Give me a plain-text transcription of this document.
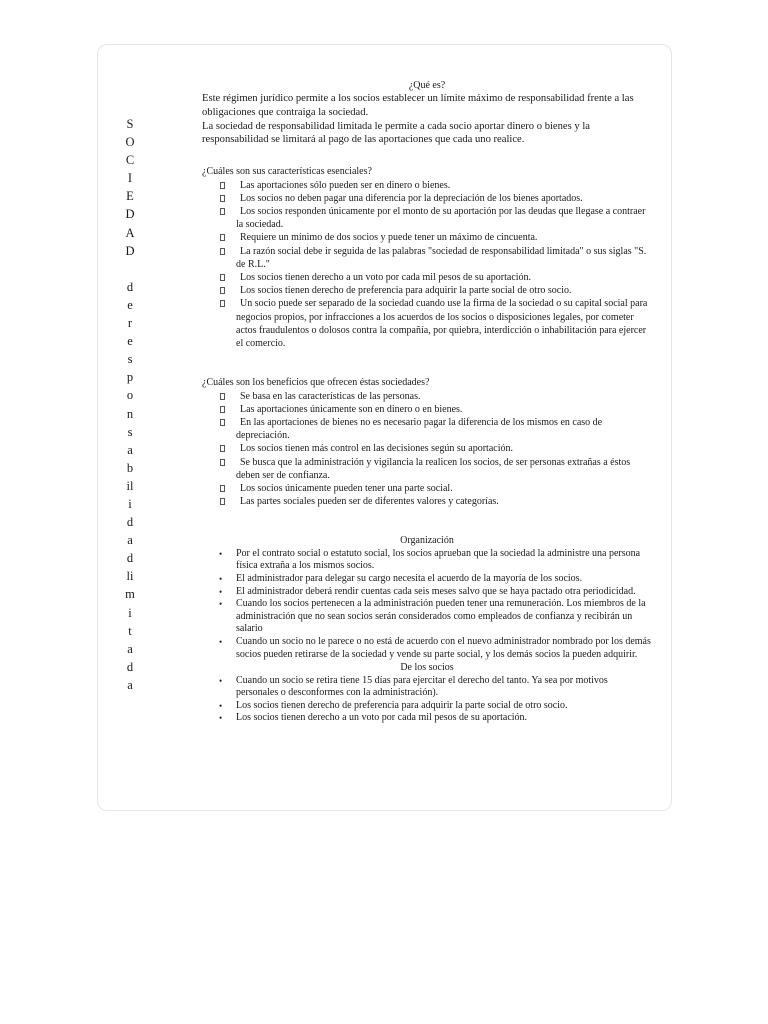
S
O
C
I
E
D
A
D
d
e
r
e
s
p
o
n
s
a
b
il
i
d
a
d
li
m
i
t
a
d
a
¿Qué es?

Este régimen jurídico permite a los socios establecer un límite máximo de responsabilidad frente a las obligaciones que contraiga la sociedad.

La sociedad de responsabilidad limitada le permite a cada socio aportar dinero o bienes y la responsabilidad se limitará al pago de las aportaciones que cada uno realice.

¿Cuáles son sus características esenciales?

Las aportaciones sólo pueden ser en dinero o bienes.
Los socios no deben pagar una diferencia por la depreciación de los bienes aportados.
Los socios responden únicamente por el monto de su aportación por las deudas que llegase a contraer la sociedad.
Requiere un mínimo de dos socios y puede tener un máximo de cincuenta.
La razón social debe ir seguida de las palabras "sociedad de responsabilidad limitada" o sus siglas "S. de R.L."
Los socios tienen derecho a un voto por cada mil pesos de su aportación.
Los socios tienen derecho de preferencia para adquirir la parte social de otro socio.
Un socio puede ser separado de la sociedad cuando use la firma de la sociedad o su capital social para negocios propios, por infracciones a los acuerdos de los socios o disposiciones legales, por cometer actos fraudulentos o dolosos contra la compañía, por quiebra, interdicción o inhabilitación para ejercer el comercio.

¿Cuáles son los beneficios que ofrecen éstas sociedades?

Se basa en las características de las personas.
Las aportaciones únicamente son en dinero o en bienes.
En las aportaciones de bienes no es necesario pagar la diferencia de los mismos en caso de depreciación.
Los socios tienen más control en las decisiones según su aportación.
Se busca que la administración y vigilancia la realicen los socios, de ser personas extrañas a éstos deben ser de confianza.
Los socios únicamente pueden tener una parte social.
Las partes sociales pueden ser de diferentes valores y categorías.

Organización

• Por el contrato social o estatuto social, los socios aprueban que la sociedad la administre una persona física extraña a los mismos socios.
• El administrador para delegar su cargo necesita el acuerdo de la mayoría de los socios.
• El administrador deberá rendir cuentas cada seis meses salvo que se haya pactado otra periodicidad.
• Cuando los socios pertenecen a la administración pueden tener una remuneración. Los miembros de la administración que no sean socios serán considerados como empleados de confianza y recibirán un salario
• Cuando un socio no le parece o no está de acuerdo con el nuevo administrador nombrado por los demás socios pueden retirarse de la sociedad y vende su parte social, y los demás socios la pueden adquirir.

De los socios

• Cuando un socio se retira tiene 15 días para ejercitar el derecho del tanto. Ya sea por motivos personales o desconformes con la administración).
• Los socios tienen derecho de preferencia para adquirir la parte social de otro socio.
• Los socios tienen derecho a un voto por cada mil pesos de su aportación.
